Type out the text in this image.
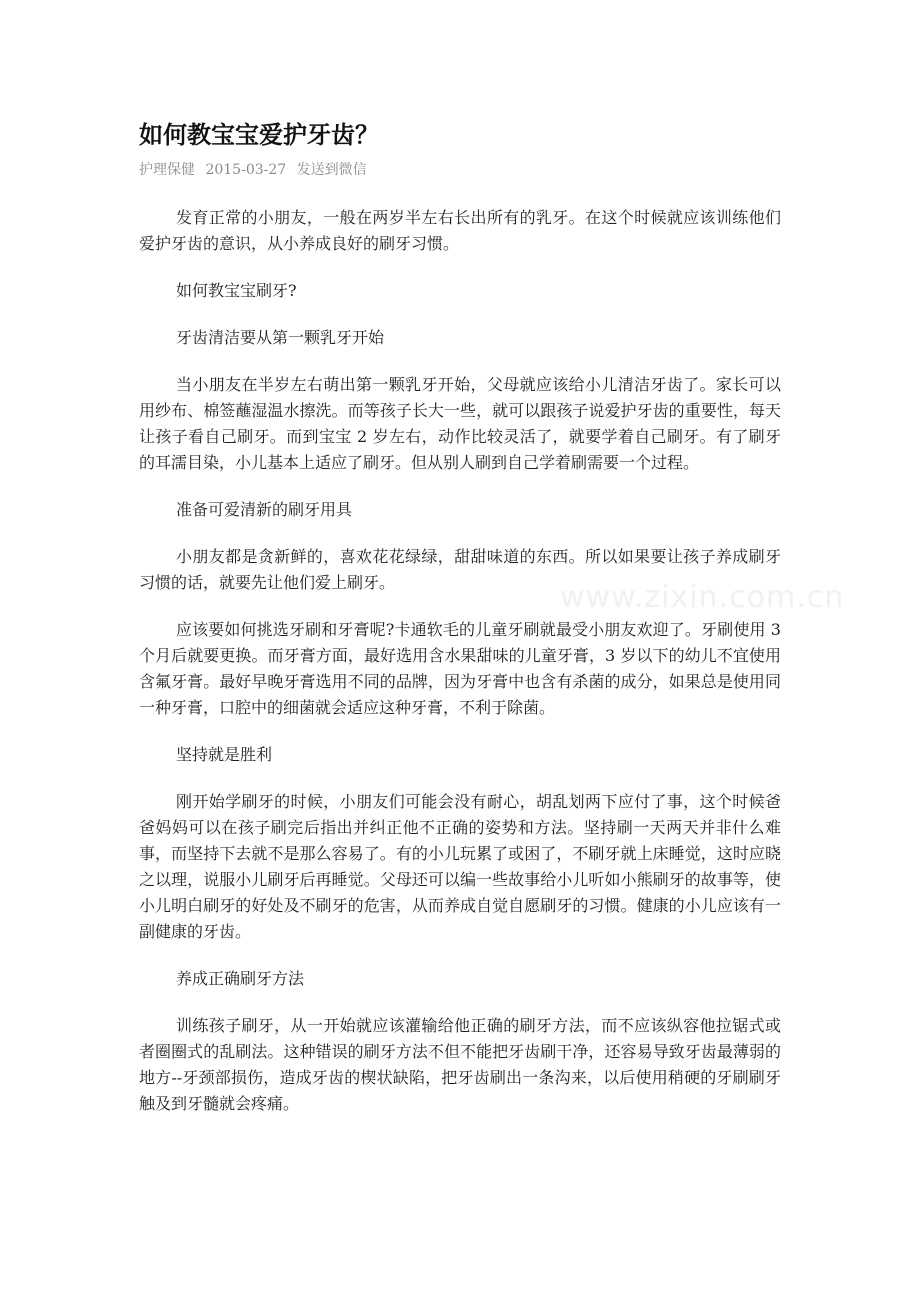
如何教宝宝爱护牙齿？
护理保健 2015-03-27 发送到微信

发育正常的小朋友，一般在两岁半左右长出所有的乳牙。在这个时候就应该训练他们爱护牙齿的意识，从小养成良好的刷牙习惯。

如何教宝宝刷牙?

牙齿清洁要从第一颗乳牙开始

当小朋友在半岁左右萌出第一颗乳牙开始，父母就应该给小儿清洁牙齿了。家长可以用纱布、棉签蘸湿温水擦洗。而等孩子长大一些，就可以跟孩子说爱护牙齿的重要性，每天让孩子看自己刷牙。而到宝宝 2 岁左右，动作比较灵活了，就要学着自己刷牙。有了刷牙的耳濡目染，小儿基本上适应了刷牙。但从别人刷到自己学着刷需要一个过程。

准备可爱清新的刷牙用具

小朋友都是贪新鲜的，喜欢花花绿绿，甜甜味道的东西。所以如果要让孩子养成刷牙习惯的话，就要先让他们爱上刷牙。

应该要如何挑选牙刷和牙膏呢?卡通软毛的儿童牙刷就最受小朋友欢迎了。牙刷使用 3 个月后就要更换。而牙膏方面，最好选用含水果甜味的儿童牙膏，3 岁以下的幼儿不宜使用含氟牙膏。最好早晚牙膏选用不同的品牌，因为牙膏中也含有杀菌的成分，如果总是使用同一种牙膏，口腔中的细菌就会适应这种牙膏，不利于除菌。

坚持就是胜利

刚开始学刷牙的时候，小朋友们可能会没有耐心，胡乱划两下应付了事，这个时候爸爸妈妈可以在孩子刷完后指出并纠正他不正确的姿势和方法。坚持刷一天两天并非什么难事，而坚持下去就不是那么容易了。有的小儿玩累了或困了，不刷牙就上床睡觉，这时应晓之以理，说服小儿刷牙后再睡觉。父母还可以编一些故事给小儿听如小熊刷牙的故事等，使小儿明白刷牙的好处及不刷牙的危害，从而养成自觉自愿刷牙的习惯。健康的小儿应该有一副健康的牙齿。

养成正确刷牙方法

训练孩子刷牙，从一开始就应该灌输给他正确的刷牙方法，而不应该纵容他拉锯式或者圈圈式的乱刷法。这种错误的刷牙方法不但不能把牙齿刷干净，还容易导致牙齿最薄弱的地方--牙颈部损伤，造成牙齿的楔状缺陷，把牙齿刷出一条沟来，以后使用稍硬的牙刷刷牙触及到牙髓就会疼痛。

www.zixin.com.cn
